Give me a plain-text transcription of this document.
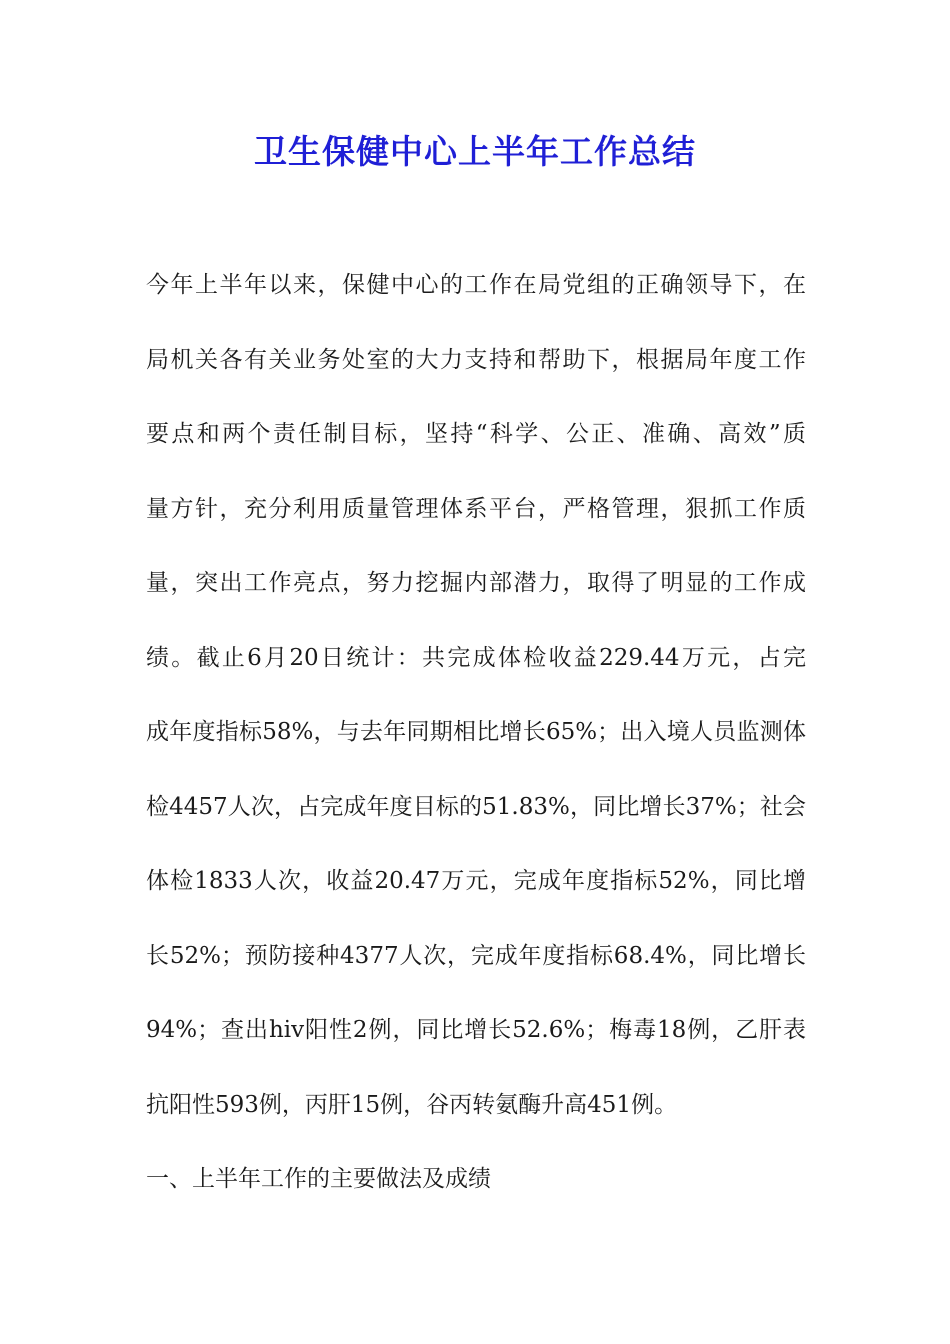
卫生保健中心上半年工作总结
今年上半年以来，保健中心的工作在局党组的正确领导下，在
局机关各有关业务处室的大力支持和帮助下，根据局年度工作
要点和两个责任制目标，坚持“科学、公正、准确、高效”质
量方针，充分利用质量管理体系平台，严格管理，狠抓工作质
量，突出工作亮点，努力挖掘内部潜力，取得了明显的工作成
绩。截止6月20日统计：共完成体检收益229.44万元，占完
成年度指标58%，与去年同期相比增长65%；出入境人员监测体
检4457人次，占完成年度目标的51.83%，同比增长37%；社会
体检1833人次，收益20.47万元，完成年度指标52%，同比增
长52%；预防接种4377人次，完成年度指标68.4%，同比增长
94%；查出hiv阳性2例，同比增长52.6%；梅毒18例，乙肝表
抗阳性593例，丙肝15例，谷丙转氨酶升高451例。

一、上半年工作的主要做法及成绩
